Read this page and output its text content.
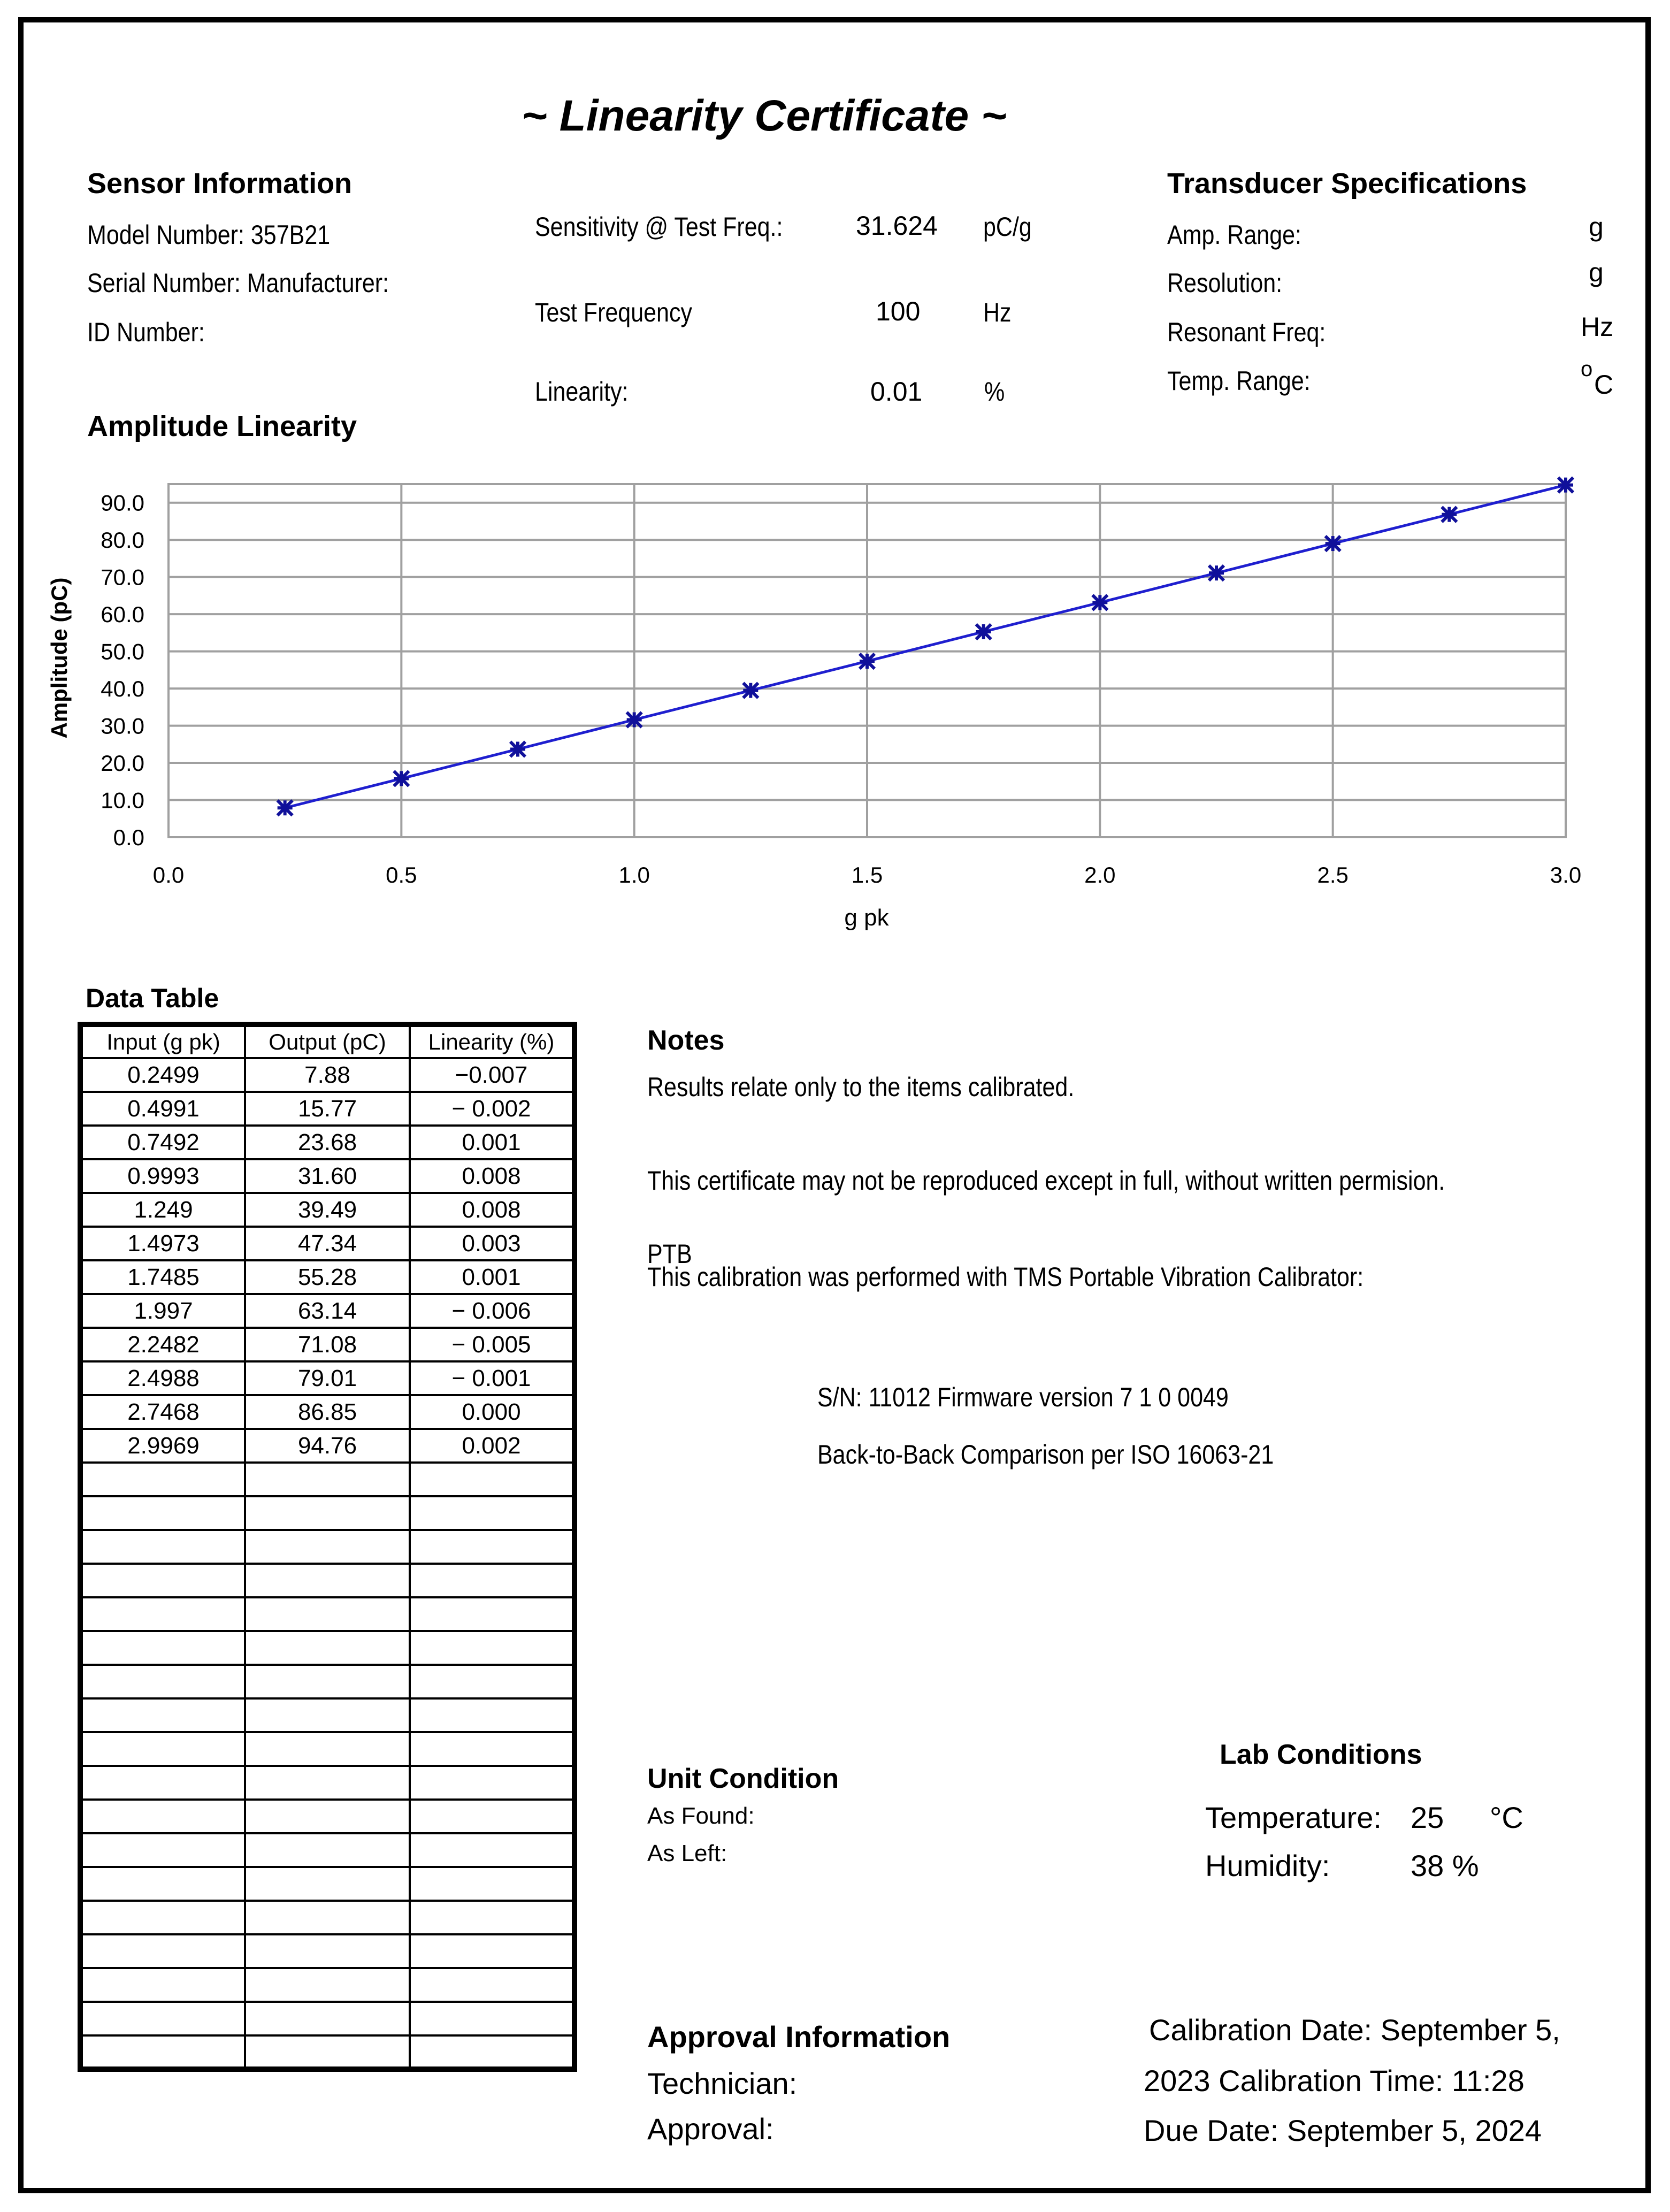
~ Linearity Certificate ~
Sensor Information
Model Number: 357B21
Serial Number: Manufacturer:
ID Number:
Sensitivity @ Test Freq.:	31.624 pC/g
Test Frequency	100 Hz
Linearity:	0.01 %
Transducer Specifications
Amp. Range:	g
Resolution:	g
Resonant Freq:	Hz
Temp. Range:	o
C
Amplitude Linearity
Amplitude (pC)
g pk
0.0
10.0
20.0
30.0
40.0
50.0
60.0
70.0
80.0
90.0
0.0	0.5	1.0	1.5	2.0	2.5	3.0
Data Table
Input (g pk)	Output (pC)	Linearity (%)
0.2499	7.88	−0.007
0.4991	15.77	− 0.002
0.7492	23.68	0.001
0.9993	31.60	0.008
1.249	39.49	0.008
1.4973	47.34	0.003
1.7485	55.28	0.001
1.997	63.14	− 0.006
2.2482	71.08	− 0.005
2.4988	79.01	− 0.001
2.7468	86.85	0.000
2.9969	94.76	0.002

Notes
Results relate only to the items calibrated.
This certificate may not be reproduced except in full, without written permision.
PTB
This calibration was performed with TMS Portable Vibration Calibrator:
S/N: 11012 Firmware version 7 1 0 0049
Back-to-Back Comparison per ISO 16063-21
Unit Condition
As Found:
As Left:
Lab Conditions
Temperature: 25 °C
Humidity:	38 %
Approval Information
Technician:
Approval:
Calibration Date: September 5,
2023 Calibration Time: 11:28
Due Date: September 5, 2024
